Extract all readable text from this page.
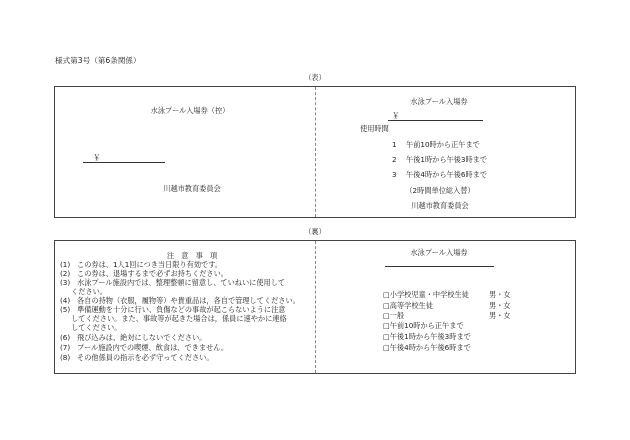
様式第3号（第6条関係）
（表）
水泳プール入場券（控）
￥
川越市教育委員会
水泳プール入場券
￥
使用時間
1 午前10時から正午まで
2 午後1時から午後3時まで
3 午後4時から午後6時まで
（2時間単位総入替）
川越市教育委員会
（裏）
注　意　事　項
(1) この券は、1人1回につき当日限り有効です。
(2) この券は、退場するまで必ずお持ちください。
(3) 水泳プール施設内では、整理整頓に留意し、ていねいに使用して
ください。
(4) 各自の持物（衣服，履物等）や貴重品は，各自で管理してください。
(5) 準備運動を十分に行い、負傷などの事故が起こらないように注意
してください。また、事故等が起きた場合は，係員に速やかに連絡
してください。
(6) 飛び込みは、絶対にしないでください。
(7) プール施設内での喫煙、飲食は、できません。
(8) その他係員の指示を必ず守ってください。
水泳プール入場券
□小学校児童・中学校生徒	男・女
□高等学校生徒	男・女
□一般	男・女
□午前10時から正午まで
□午後1時から午後3時まで
□午後4時から午後6時まで
